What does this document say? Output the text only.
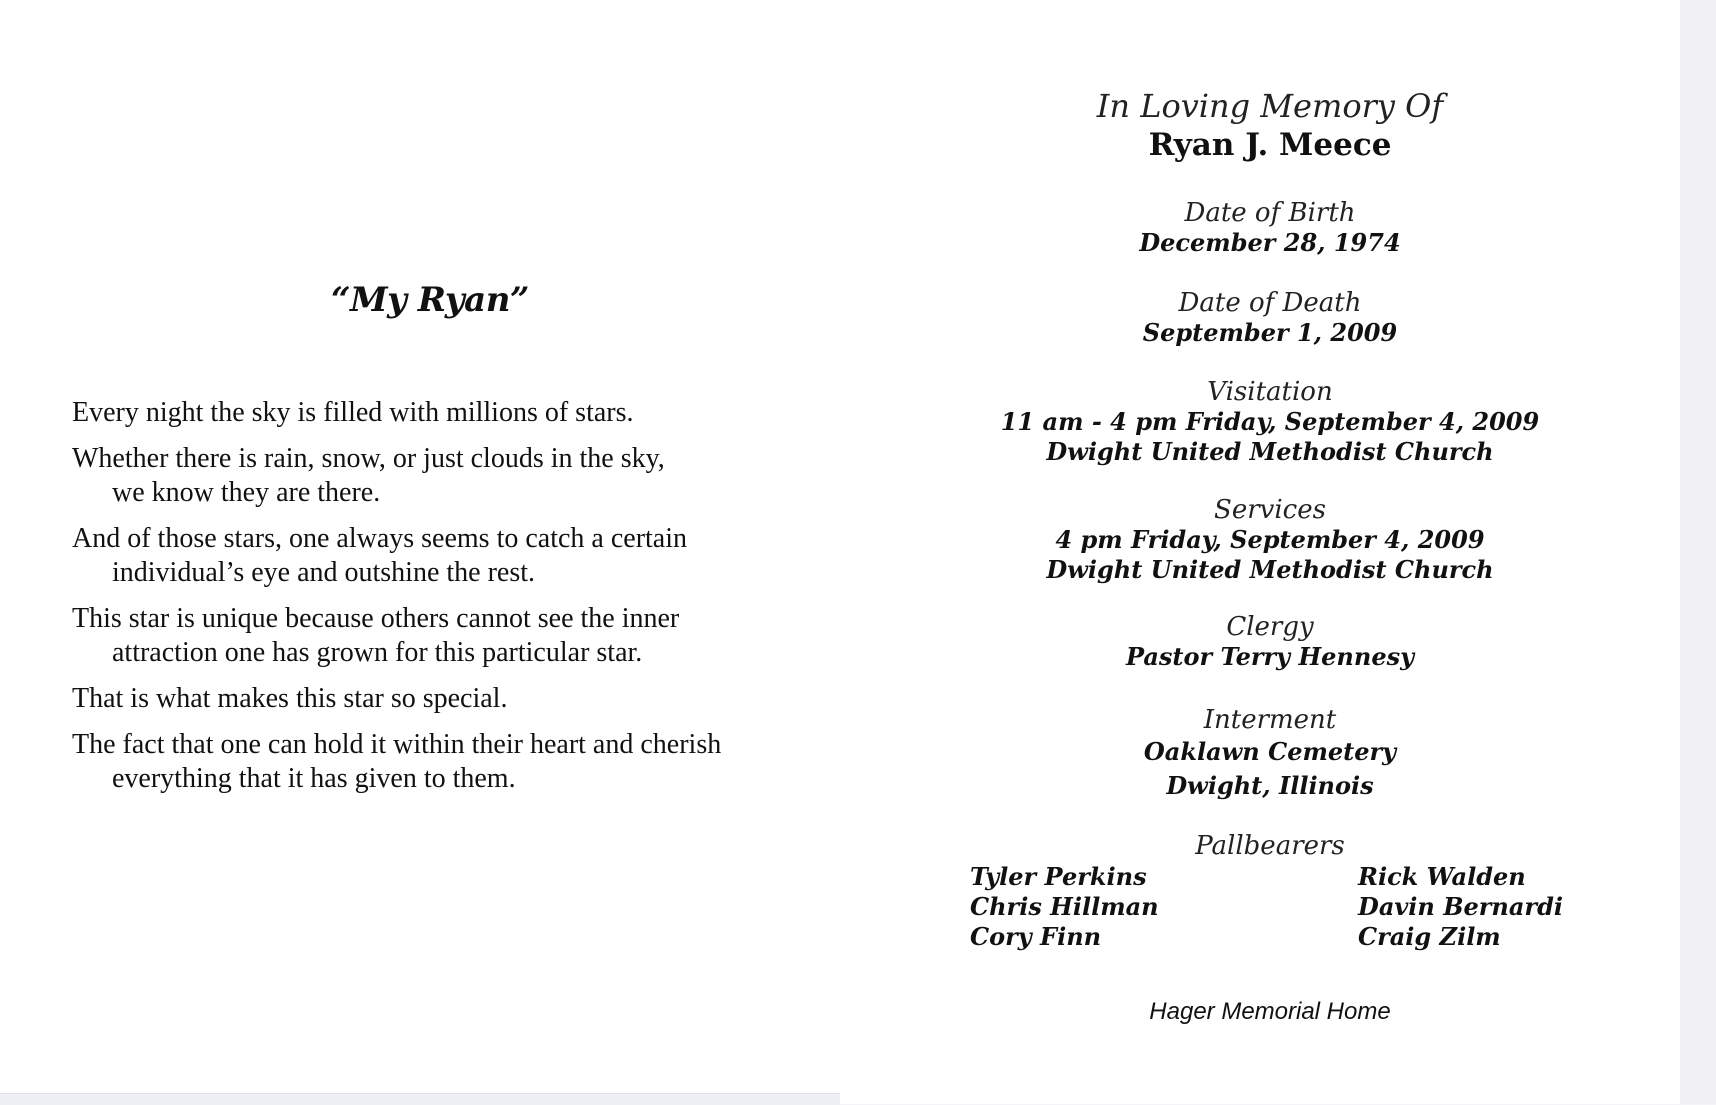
“My Ryan”

Every night the sky is filled with millions of stars.

Whether there is rain, snow, or just clouds in the sky,
we know they are there.

And of those stars, one always seems to catch a certain
individual’s eye and outshine the rest.

This star is unique because others cannot see the inner
attraction one has grown for this particular star.

That is what makes this star so special.

The fact that one can hold it within their heart and cherish
everything that it has given to them.

In Loving Memory Of
Ryan J. Meece
Date of Birth
December 28, 1974
Date of Death
September 1, 2009
Visitation
11 am - 4 pm Friday, September 4, 2009
Dwight United Methodist Church
Services
4 pm Friday, September 4, 2009
Dwight United Methodist Church
Clergy
Pastor Terry Hennesy
Interment
Oaklawn Cemetery
Dwight, Illinois
Pallbearers
Tyler Perkins
Chris Hillman
Cory Finn
Rick Walden
Davin Bernardi
Craig Zilm
Hager Memorial Home
